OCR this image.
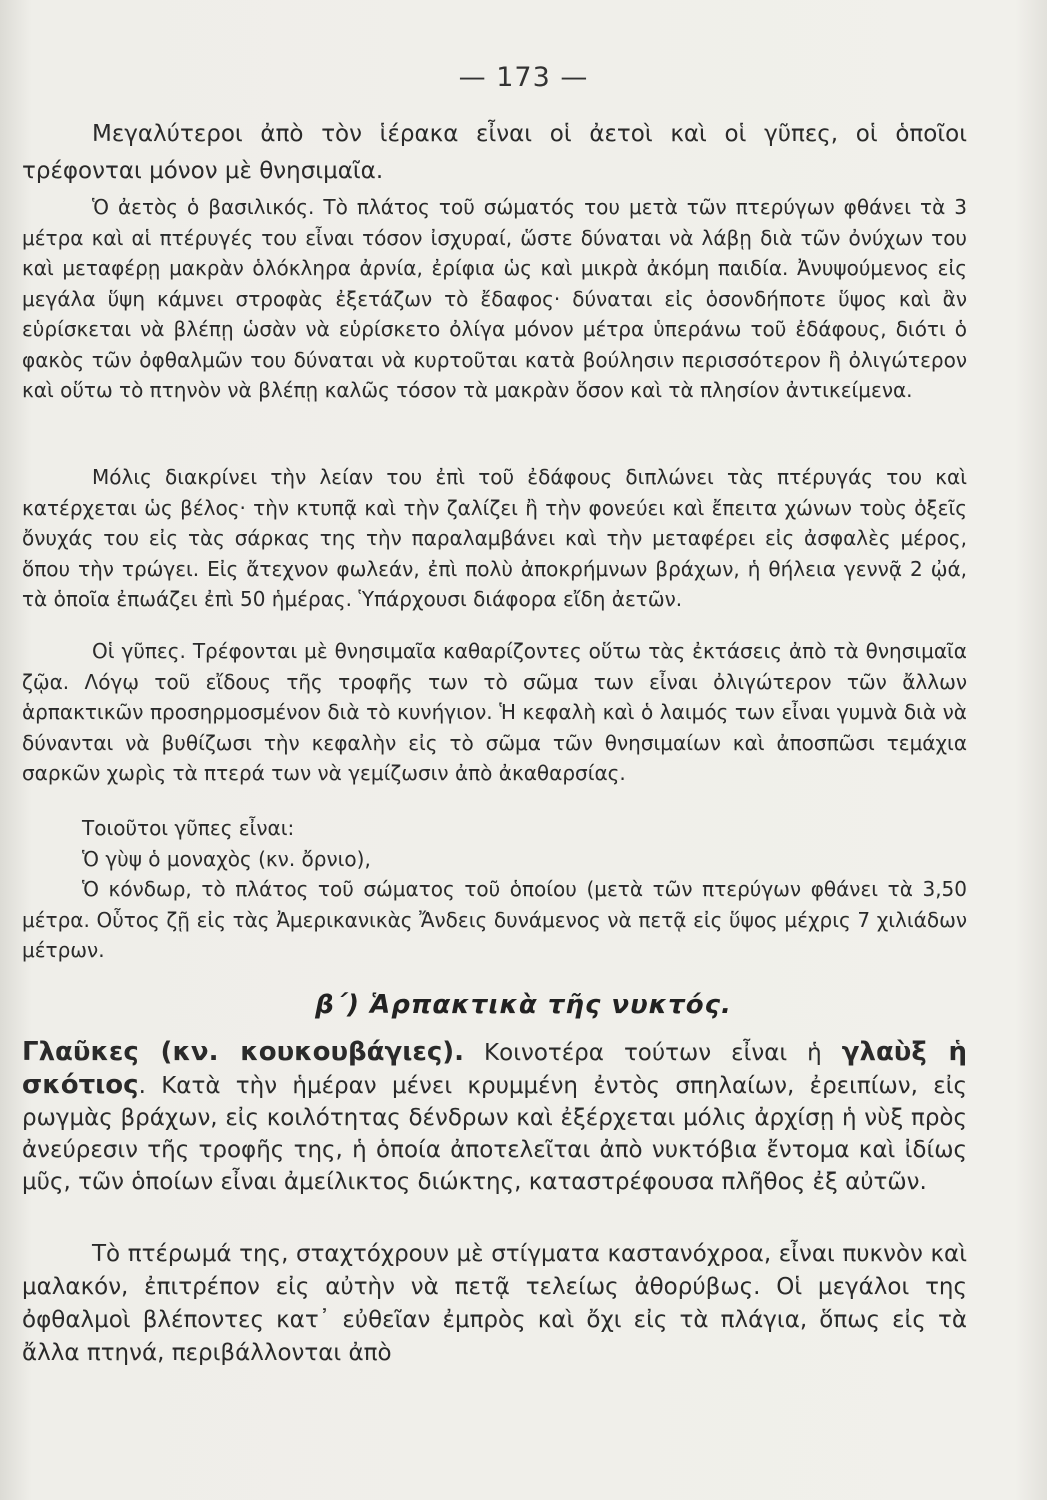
— 173 —

Μεγαλύτεροι ἀπὸ τὸν ἱέρακα εἶναι οἱ ἀετοὶ καὶ οἱ γῦπες, οἱ ὁποῖοι τρέφονται μόνον μὲ θνησιμαῖα.

Ὁ ἀετὸς ὁ βασιλικός. Τὸ πλάτος τοῦ σώματός του μετὰ τῶν πτερύγων φθάνει τὰ 3 μέτρα καὶ αἱ πτέρυγές του εἶναι τόσον ἰσχυραί, ὥστε δύναται νὰ λάβῃ διὰ τῶν ὀνύχων του καὶ μεταφέρῃ μακρὰν ὁλόκληρα ἀρνία, ἐρίφια ὡς καὶ μικρὰ ἀκόμη παιδία. Ἀνυψούμενος εἰς μεγάλα ὕψη κάμνει στροφὰς ἐξετάζων τὸ ἔδαφος· δύναται εἰς ὁσονδήποτε ὕψος καὶ ἂν εὑρίσκεται νὰ βλέπῃ ὡσὰν νὰ εὑρίσκετο ὀλίγα μόνον μέτρα ὑπεράνω τοῦ ἐδάφους, διότι ὁ φακὸς τῶν ὀφθαλμῶν του δύναται νὰ κυρτοῦται κατὰ βούλησιν περισσότερον ἢ ὀλιγώτερον καὶ οὕτω τὸ πτηνὸν νὰ βλέπῃ καλῶς τόσον τὰ μακρὰν ὅσον καὶ τὰ πλησίον ἀντικείμενα.

Μόλις διακρίνει τὴν λείαν του ἐπὶ τοῦ ἐδάφους διπλώνει τὰς πτέρυγάς του καὶ κατέρχεται ὡς βέλος· τὴν κτυπᾷ καὶ τὴν ζαλίζει ἢ τὴν φονεύει καὶ ἔπειτα χώνων τοὺς ὀξεῖς ὄνυχάς του εἰς τὰς σάρκας της τὴν παραλαμβάνει καὶ τὴν μεταφέρει εἰς ἀσφαλὲς μέρος, ὅπου τὴν τρώγει. Εἰς ἄτεχνον φωλεάν, ἐπὶ πολὺ ἀποκρήμνων βράχων, ἡ θήλεια γεννᾷ 2 ᾠά, τὰ ὁποῖα ἐπωάζει ἐπὶ 50 ἡμέρας. Ὑπάρχουσι διάφορα εἴδη ἀετῶν.

Οἱ γῦπες. Τρέφονται μὲ θνησιμαῖα καθαρίζοντες οὕτω τὰς ἐκτάσεις ἀπὸ τὰ θνησιμαῖα ζῷα. Λόγῳ τοῦ εἴδους τῆς τροφῆς των τὸ σῶμα των εἶναι ὀλιγώτερον τῶν ἄλλων ἁρπακτικῶν προσηρμοσμένον διὰ τὸ κυνήγιον. Ἡ κεφαλὴ καὶ ὁ λαιμός των εἶναι γυμνὰ διὰ νὰ δύνανται νὰ βυθίζωσι τὴν κεφαλὴν εἰς τὸ σῶμα τῶν θνησιμαίων καὶ ἀποσπῶσι τεμάχια σαρκῶν χωρὶς τὰ πτερά των νὰ γεμίζωσιν ἀπὸ ἀκαθαρσίας.

Τοιοῦτοι γῦπες εἶναι:

Ὁ γὺψ ὁ μοναχὸς (κν. ὄρνιο),

Ὁ κόνδωρ, τὸ πλάτος τοῦ σώματος τοῦ ὁποίου (μετὰ τῶν πτερύγων φθάνει τὰ 3,50 μέτρα. Οὗτος ζῇ εἰς τὰς Ἀμερικανικὰς Ἄνδεις δυνάμενος νὰ πετᾷ εἰς ὕψος μέχρις 7 χιλιάδων μέτρων.

β΄) Ἁρπακτικὰ τῆς νυκτός.

Γλαῦκες (κν. κουκουβάγιες). Κοινοτέρα τούτων εἶναι ἡ γλαὺξ ἡ σκότιος. Κατὰ τὴν ἡμέραν μένει κρυμμένη ἐντὸς σπηλαίων, ἐρειπίων, εἰς ρωγμὰς βράχων, εἰς κοιλότητας δένδρων καὶ ἐξέρχεται μόλις ἀρχίσῃ ἡ νὺξ πρὸς ἀνεύρεσιν τῆς τροφῆς της, ἡ ὁποία ἀποτελεῖται ἀπὸ νυκτόβια ἔντομα καὶ ἰδίως μῦς, τῶν ὁποίων εἶναι ἀμείλικτος διώκτης, καταστρέφουσα πλῆθος ἐξ αὐτῶν.

Τὸ πτέρωμά της, σταχτόχρουν μὲ στίγματα καστανόχροα, εἶναι πυκνὸν καὶ μαλακόν, ἐπιτρέπον εἰς αὐτὴν νὰ πετᾷ τελείως ἀθορύβως. Οἱ μεγάλοι της ὀφθαλμοὶ βλέποντες κατ᾽ εὐθεῖαν ἐμπρὸς καὶ ὄχι εἰς τὰ πλάγια, ὅπως εἰς τὰ ἄλλα πτηνά, περιβάλλονται ἀπὸ
